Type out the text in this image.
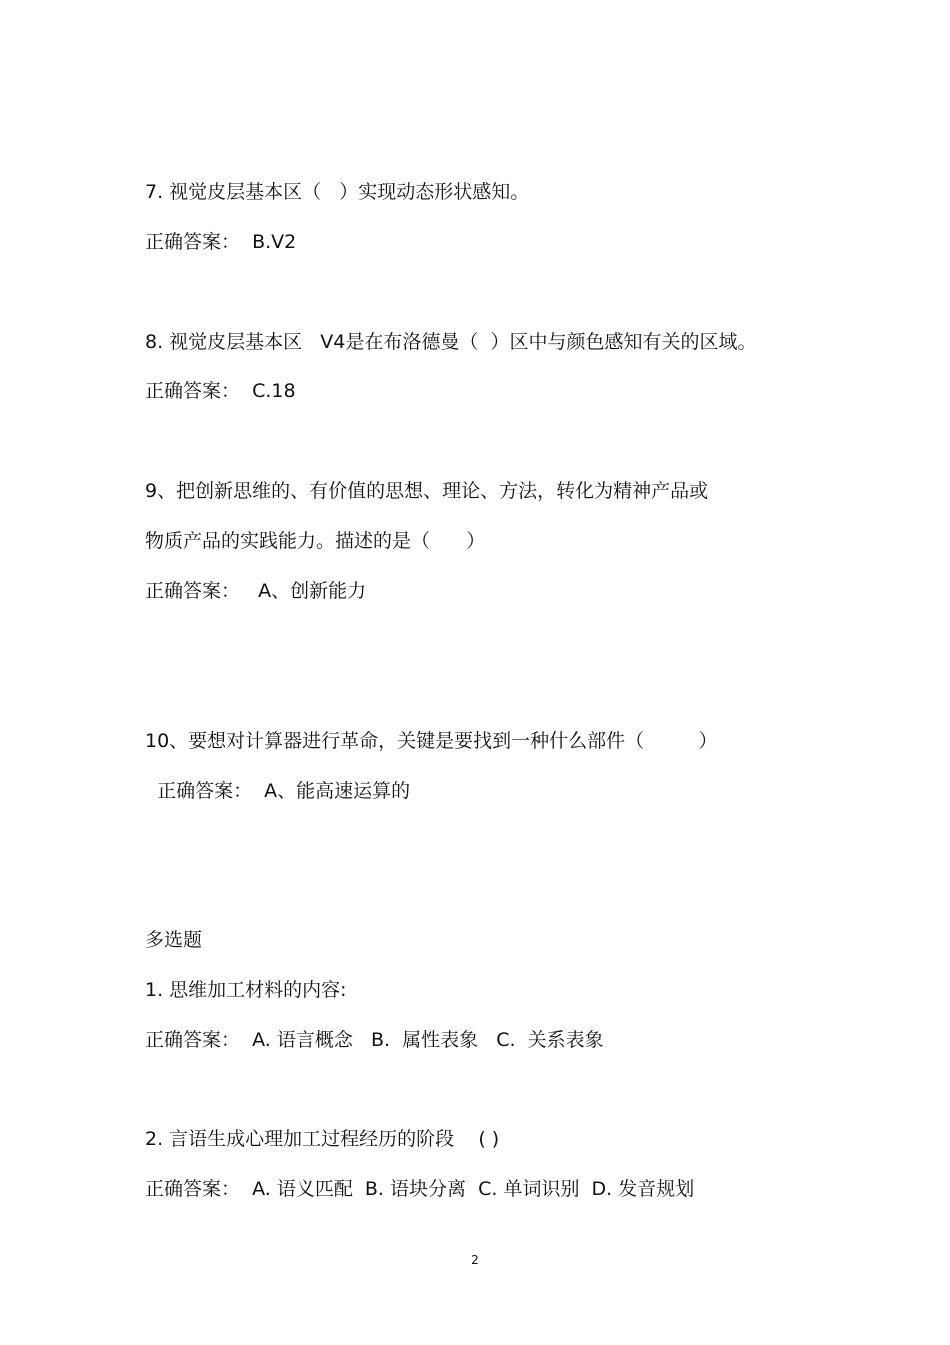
7. 视觉皮层基本区（   ）实现动态形状感知。

正确答案：  B.V2

8. 视觉皮层基本区   V4是在布洛德曼（  ）区中与颜色感知有关的区域。

正确答案：  C.18

9、把创新思维的、有价值的思想、理论、方法，转化为精神产品或

物质产品的实践能力。描述的是（      ）

正确答案：   A、创新能力

10、要想对计算器进行革命，关键是要找到一种什么部件（         ）

正确答案：  A、能高速运算的

多选题

1. 思维加工材料的内容:

正确答案：  A. 语言概念   B.  属性表象   C.  关系表象

2. 言语生成心理加工过程经历的阶段    ( )

正确答案：  A. 语义匹配  B. 语块分离  C. 单词识别  D. 发音规划

2
